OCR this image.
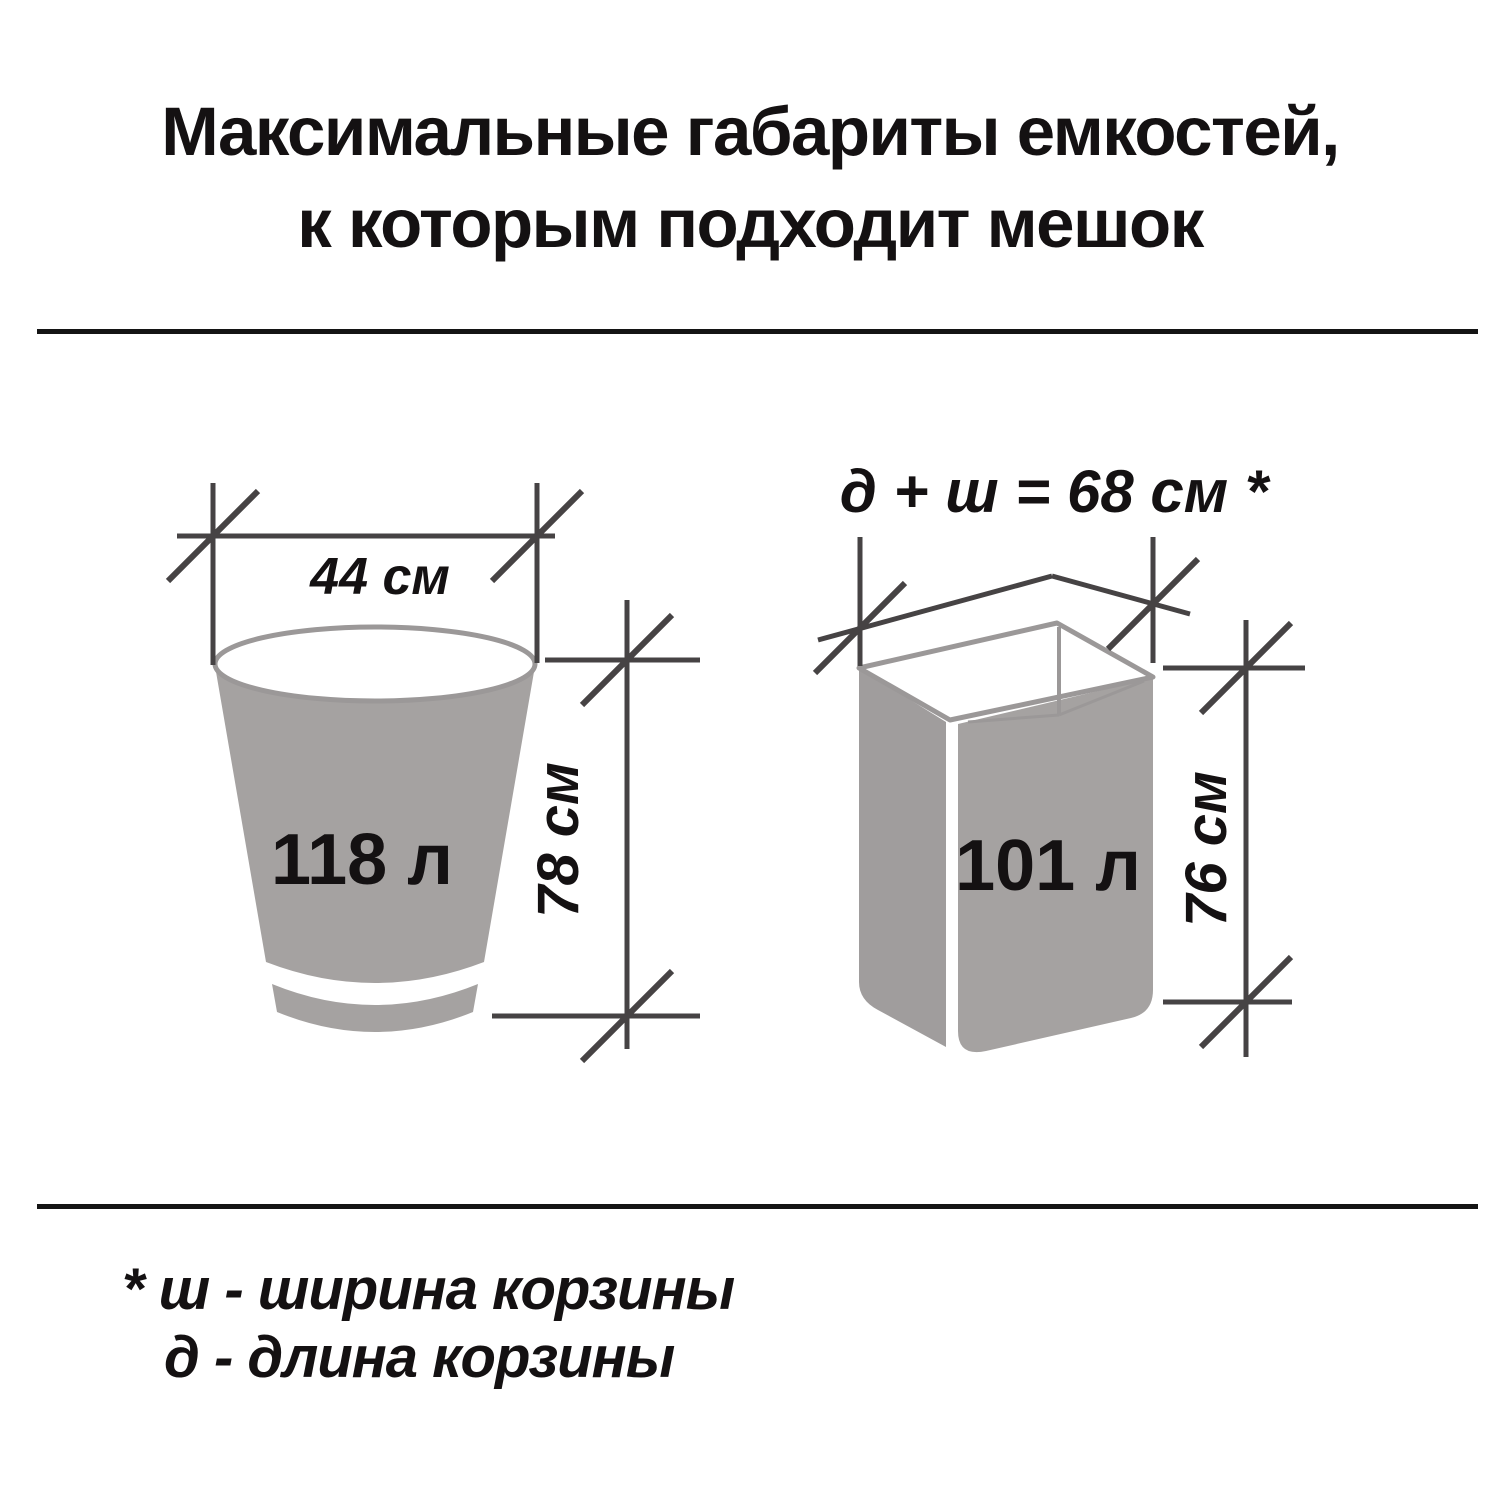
Максимальные габариты емкостей,
к которым подходит мешок
118 л
44 см
78 см	101 л
д + ш = 68 см *
76 см
* ш - ширина корзины
д - длина корзины
